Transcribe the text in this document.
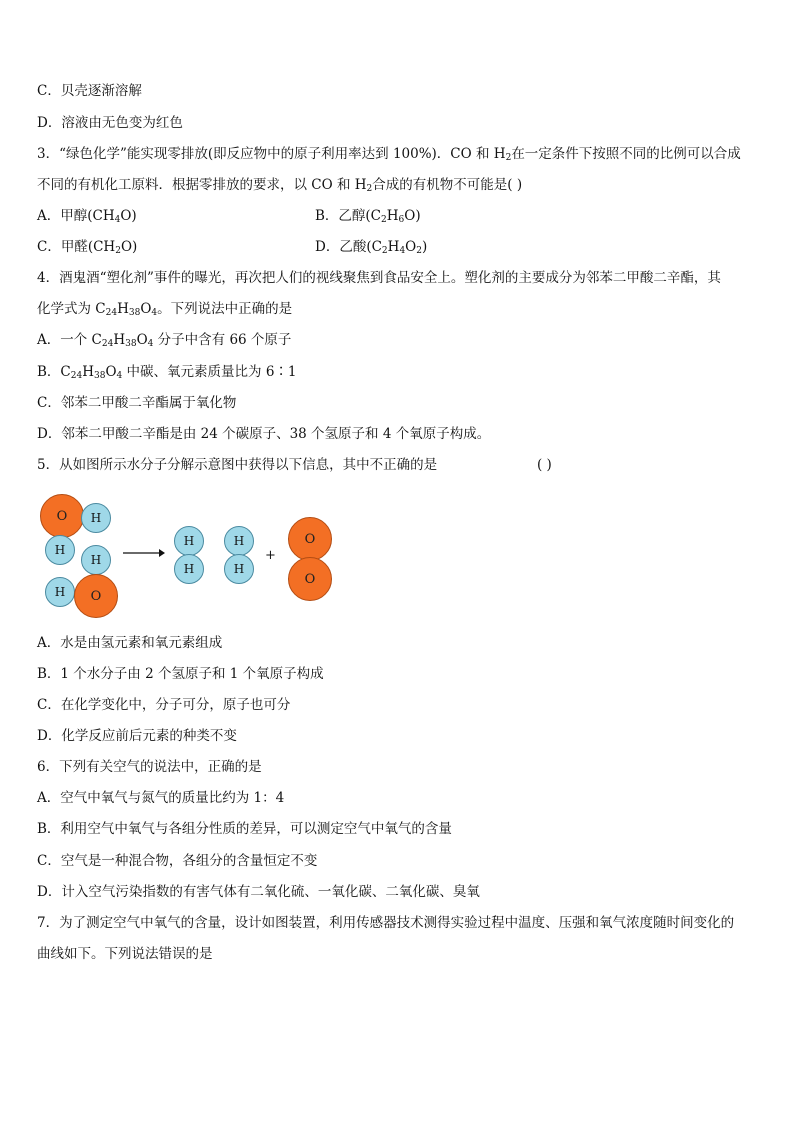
C．贝壳逐渐溶解
D．溶液由无色变为红色
3．“绿色化学”能实现零排放(即反应物中的原子利用率达到 100%)．CO 和 $H_2$在一定条件下按照不同的比例可以合成
不同的有机化工原料．根据零排放的要求，以 CO 和 $H_2$合成的有机物不可能是( )
A．甲醇$(CH_4O)$	B．乙醇$(C_2H_6O)$
C．甲醛$(CH_2O)$	D．乙酸$(C_2H_4O_2)$
4．酒鬼酒“塑化剂”事件的曝光，再次把人们的视线聚焦到食品安全上。塑化剂的主要成分为邻苯二甲酸二辛酯，其
化学式为 $C_{24}H_{38}O_4$。下列说法中正确的是
A．一个 $C_{24}H_{38}O_4$ 分子中含有 66 个原子
B．$C_{24}H_{38}O_4$ 中碳、氧元素质量比为 6∶1
C．邻苯二甲酸二辛酯属于氧化物
D．邻苯二甲酸二辛酯是由 24 个碳原子、38 个氢原子和 4 个氧原子构成。
5．从如图所示水分子分解示意图中获得以下信息，其中不正确的是	( )
O	H
H
H
H	O
H
H
H
H
+
O
O
A．水是由氢元素和氧元素组成
B．1 个水分子由 2 个氢原子和 1 个氧原子构成
C．在化学变化中，分子可分，原子也可分
D．化学反应前后元素的种类不变
6．下列有关空气的说法中，正确的是
A．空气中氧气与氮气的质量比约为 1：4
B．利用空气中氧气与各组分性质的差异，可以测定空气中氧气的含量
C．空气是一种混合物，各组分的含量恒定不变
D．计入空气污染指数的有害气体有二氧化硫、一氧化碳、二氧化碳、臭氧
7．为了测定空气中氧气的含量，设计如图装置，利用传感器技术测得实验过程中温度、压强和氧气浓度随时间变化的
曲线如下。下列说法错误的是
